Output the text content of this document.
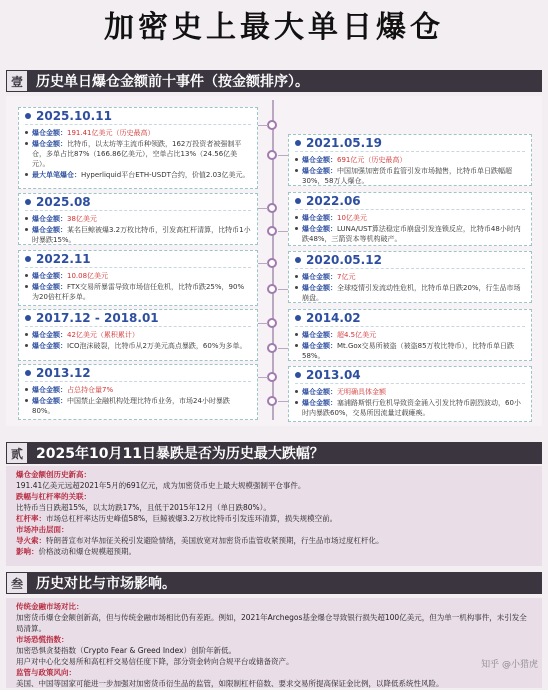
加密史上最大单日爆仓
壹 历史单日爆仓金额前十事件（按金额排序）。
2025.10.11
爆仓金额： 191.41亿美元（历史最高）
爆仓金额：比特币，以太坊等主流币种领跌，162万投资者被强制平仓，多单占比87%（166.86亿美元），空单占比13%（24.56亿美元）。
最大单笔爆仓：Hyperliquid平台ETH-USDT合约，价值2.03亿美元。
2025.08
爆仓金额： 38亿美元
爆仓金额：某名巨鲸被爆3.2万枚比特币，引发高杠杆清算，比特币1小时暴跌15%。
2022.11
爆仓金额： 10.08亿美元
爆仓金额：FTX交易所暴雷导致市场信任危机，比特币跌25%，90%为20倍杠杆多单。
2017.12 - 2018.01
爆仓金额： 42亿美元（累积累计）
爆仓金额：ICO泡沫破裂，比特币从2万美元高点暴跌，60%为多单。
2013.12
爆仓金额： 占总持仓量7%
爆仓金额：中国禁止金融机构处理比特币业务，市场24小时暴跌80%。
2021.05.19
爆仓金额： 691亿元（历史最高）
爆仓金额：中国加强加密货币监管引发市场抛售，比特币单日跌幅超30%，58万人爆仓。
2022.06
爆仓金额： 10亿美元
爆仓金额：LUNA/UST算法稳定币崩盘引发连锁反应，比特币48小时内跌48%，三箭资本等机构破产。
2020.05.12
爆仓金额： 7亿元
爆仓金额：全球疫情引发流动性危机，比特币单日跌20%，行生品市场崩盘。
2014.02
爆仓金额： 超4.5亿美元
爆仓金额：Mt.Gox交易所被盗（被盗85万枚比特币），比特币单日跌58%。
2013.04
爆仓金额： 无明确具体金额
爆仓金额：塞浦路斯银行危机导致资金涌入引发比特币剧烈波动，60小时内暴跌60%，交易所因流量过载瘫痪。
贰 2025年10月11日暴跌是否为历史最大跌幅？
爆仓金额创历史新高：
191.41亿美元远超2021年5月的691亿元，成为加密货币史上最大规模强制平仓事件。
跌幅与杠杆率的关联：
比特币当日跌超15%，以太坊跌17%，且低于2015年12月（单日跌80%）。
杠杆率：市场总杠杆率达历史峰值58%，巨鲸被爆3.2万枚比特币引发连环清算，损失规模空前。
市场冲击层面：
导火索：特朗普宣布对华加征关税引发避险情绪，美国放宽对加密货币监管收紧预期，行生品市场过度杠杆化。
影响：价格波动和爆仓规模超预期。
叁 历史对比与市场影响。
传统金融市场对比：
加密货币爆仓金额创新高，但与传统金融市场相比仍有差距。例如，2021年Archegos基金爆仓导致银行损失超100亿美元，但为单一机构事件，未引发全局清算。
市场恐慌指数：
加密恐惧贪婪指数（Crypto Fear & Greed Index）创阶年新低。
用户对中心化交易所和高杠杆交易信任度下降，部分资金转向合规平台或储备资产。
监管与政策风向：
美国、中国等国家可能进一步加强对加密货币衍生品的监管，如限制杠杆倍数、要求交易所提高保证金比例，以降低系统性风险。
知乎 @小猎虎
